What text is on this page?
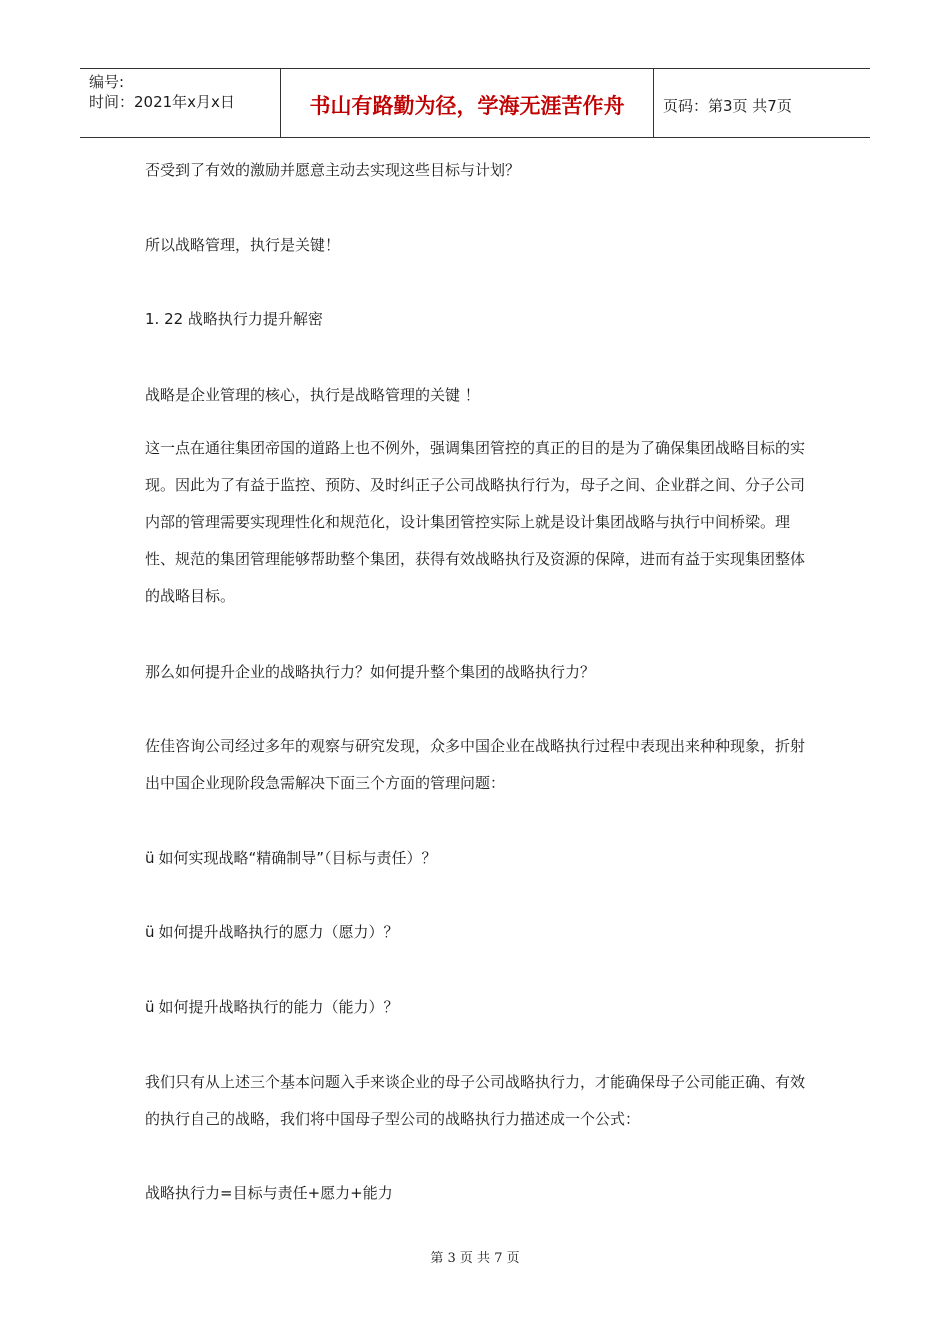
编号:
时间：2021年x月x日	书山有路勤为径，学海无涯苦作舟	页码：第3页 共7页

否受到了有效的激励并愿意主动去实现这些目标与计划？

所以战略管理，执行是关键！

1. 22 战略执行力提升解密

战略是企业管理的核心，执行是战略管理的关键 ！

这一点在通往集团帝国的道路上也不例外，强调集团管控的真正的目的是为了确保集团战略目标的实现。因此为了有益于监控、预防、及时纠正子公司战略执行行为，母子之间、企业群之间、分子公司内部的管理需要实现理性化和规范化，设计集团管控实际上就是设计集团战略与执行中间桥梁。理性、规范的集团管理能够帮助整个集团，获得有效战略执行及资源的保障，进而有益于实现集团整体的战略目标。

那么如何提升企业的战略执行力？如何提升整个集团的战略执行力？

佐佳咨询公司经过多年的观察与研究发现，众多中国企业在战略执行过程中表现出来种种现象，折射出中国企业现阶段急需解决下面三个方面的管理问题：

ü 如何实现战略“精确制导”（目标与责任）？

ü 如何提升战略执行的愿力（愿力）？

ü 如何提升战略执行的能力（能力）？

我们只有从上述三个基本问题入手来谈企业的母子公司战略执行力，才能确保母子公司能正确、有效的执行自己的战略，我们将中国母子型公司的战略执行力描述成一个公式：

战略执行力=目标与责任+愿力+能力

第 3 页 共 7 页
